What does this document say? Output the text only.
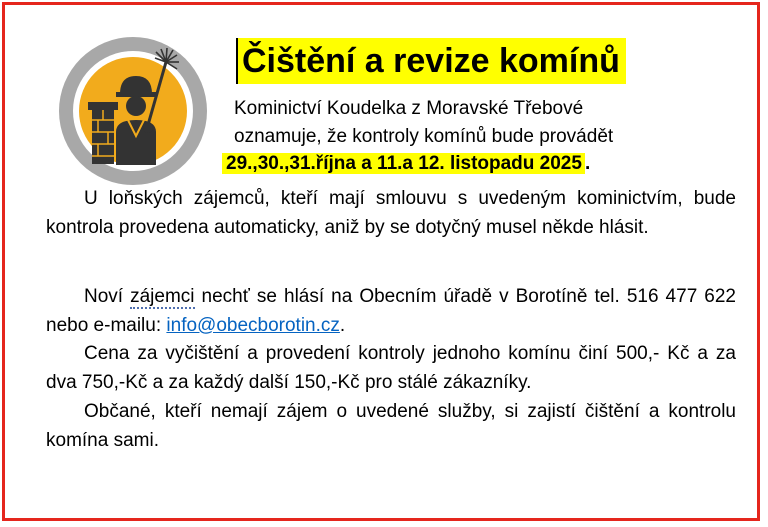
Čištění a revize komínů
Kominictví Koudelka z Moravské Třebové
oznamuje, že kontroly komínů bude provádět
29.,30.,31.října a 11.a 12. listopadu 2025 .
U loňských zájemců, kteří mají smlouvu s uvedeným kominictvím, bude kontrola provedena automaticky, aniž by se dotyčný musel někde hlásit.
Noví zájemci nechť se hlásí na Obecním úřadě v Borotíně tel. 516 477 622 nebo e-mailu: info@obecborotin.cz.
Cena za vyčištění a provedení kontroly jednoho komínu činí 500,- Kč a za dva 750,-Kč a za každý další 150,-Kč pro stálé zákazníky.
Občané, kteří nemají zájem o uvedené služby, si zajistí čištění a kontrolu komína sami.
